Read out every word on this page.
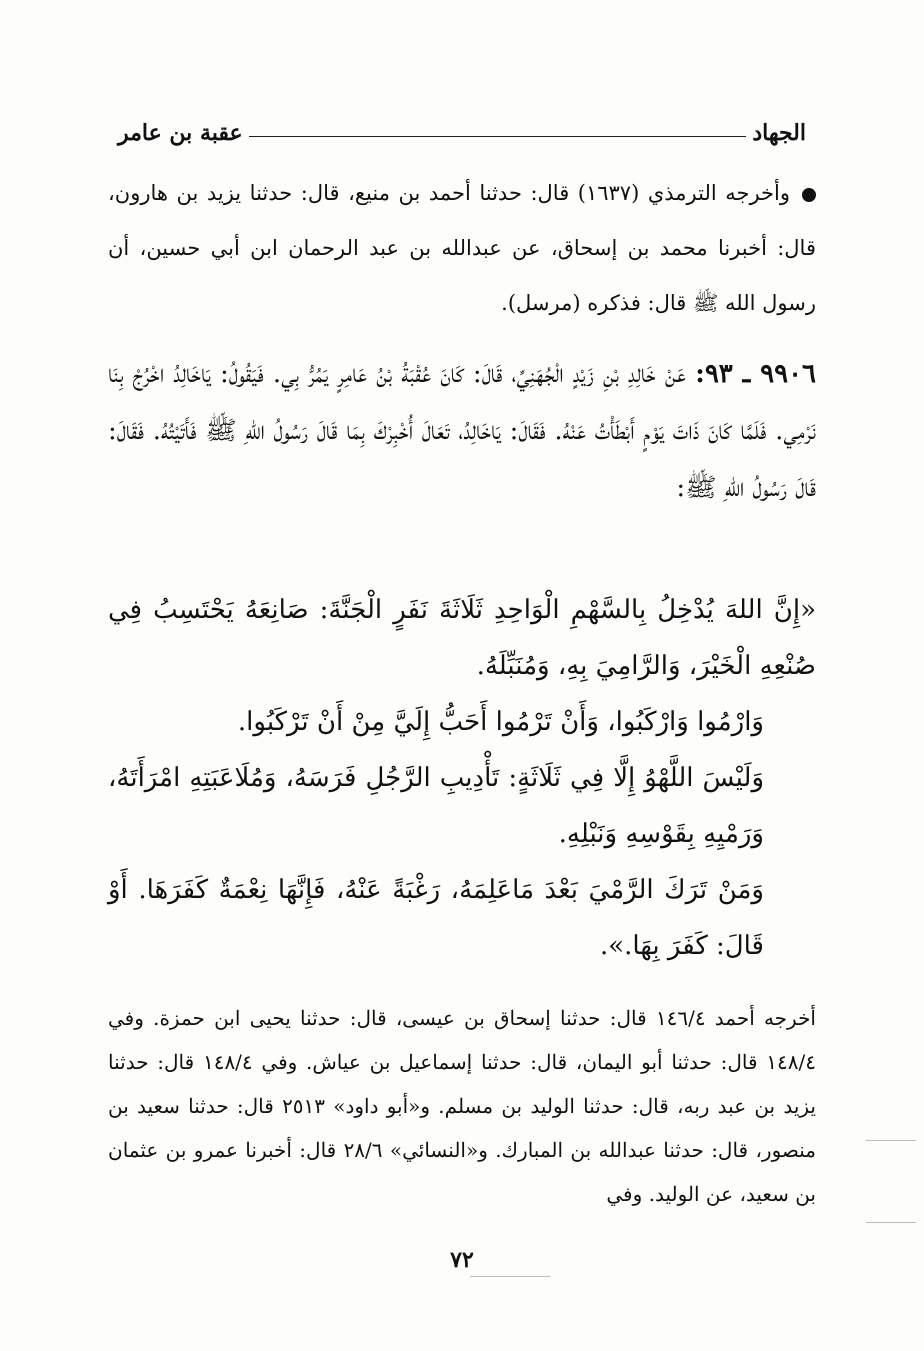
الجهاد
عقبة بن عامر

وأخرجه الترمذي (١٦٣٧) قال: حدثنا أحمد بن منيع، قال: حدثنا يزيد بن هارون، قال: أخبرنا محمد بن إسحاق، عن عبدالله بن عبد الرحمان ابن أبي حسين، أن رسول الله ﷺ قال: فذكره (مرسل).

٩٩٠٦ ـ ٩٣: عَنْ خَالِدِ بْنِ زَيْدٍ الْجُهَنِيِّ، قَالَ: كَانَ عُقْبَةُ بْنُ عَامِرٍ يَمُرُّ بِي. فَيَقُولُ: يَاخَالِدُ اخْرُجْ بِنَا نَرْمِي. فَلَمَّا كَانَ ذَاتَ يَوْمٍ أَبْطَأْتُ عَنْهُ. فَقَالَ: يَاخَالِدُ، تَعَالَ أُخْبِرْكَ بِمَا قَالَ رَسُولُ اللهِ ﷺ فَأَتَيْتُهُ. فَقَالَ: قَالَ رَسُولُ اللهِ ﷺ:

«إِنَّ اللهَ يُدْخِلُ بِالسَّهْمِ الْوَاحِدِ ثَلَاثَةَ نَفَرٍ الْجَنَّةَ: صَانِعَهُ يَحْتَسِبُ فِي صُنْعِهِ الْخَيْرَ، وَالرَّامِيَ بِهِ، وَمُنَبِّلَهُ.

وَارْمُوا وَارْكَبُوا، وَأَنْ تَرْمُوا أَحَبُّ إِلَيَّ مِنْ أَنْ تَرْكَبُوا.

وَلَيْسَ اللَّهْوُ إِلَّا فِي ثَلَاثَةٍ: تَأْدِيبِ الرَّجُلِ فَرَسَهُ، وَمُلَاعَبَتِهِ امْرَأَتَهُ، وَرَمْيِهِ بِقَوْسِهِ وَنَبْلِهِ.

وَمَنْ تَرَكَ الرَّمْيَ بَعْدَ مَاعَلِمَهُ، رَغْبَةً عَنْهُ، فَإِنَّهَا نِعْمَةٌ كَفَرَهَا. أَوْ قَالَ: كَفَرَ بِهَا.».

أخرجه أحمد ١٤٦/٤ قال: حدثنا إسحاق بن عيسى، قال: حدثنا يحيى ابن حمزة. وفي ١٤٨/٤ قال: حدثنا أبو اليمان، قال: حدثنا إسماعيل بن عياش. وفي ١٤٨/٤ قال: حدثنا يزيد بن عبد ربه، قال: حدثنا الوليد بن مسلم. و«أبو داود» ٢٥١٣ قال: حدثنا سعيد بن منصور، قال: حدثنا عبدالله بن المبارك. و«النسائي» ٢٨/٦ قال: أخبرنا عمرو بن عثمان بن سعيد، عن الوليد. وفي

٧٢
